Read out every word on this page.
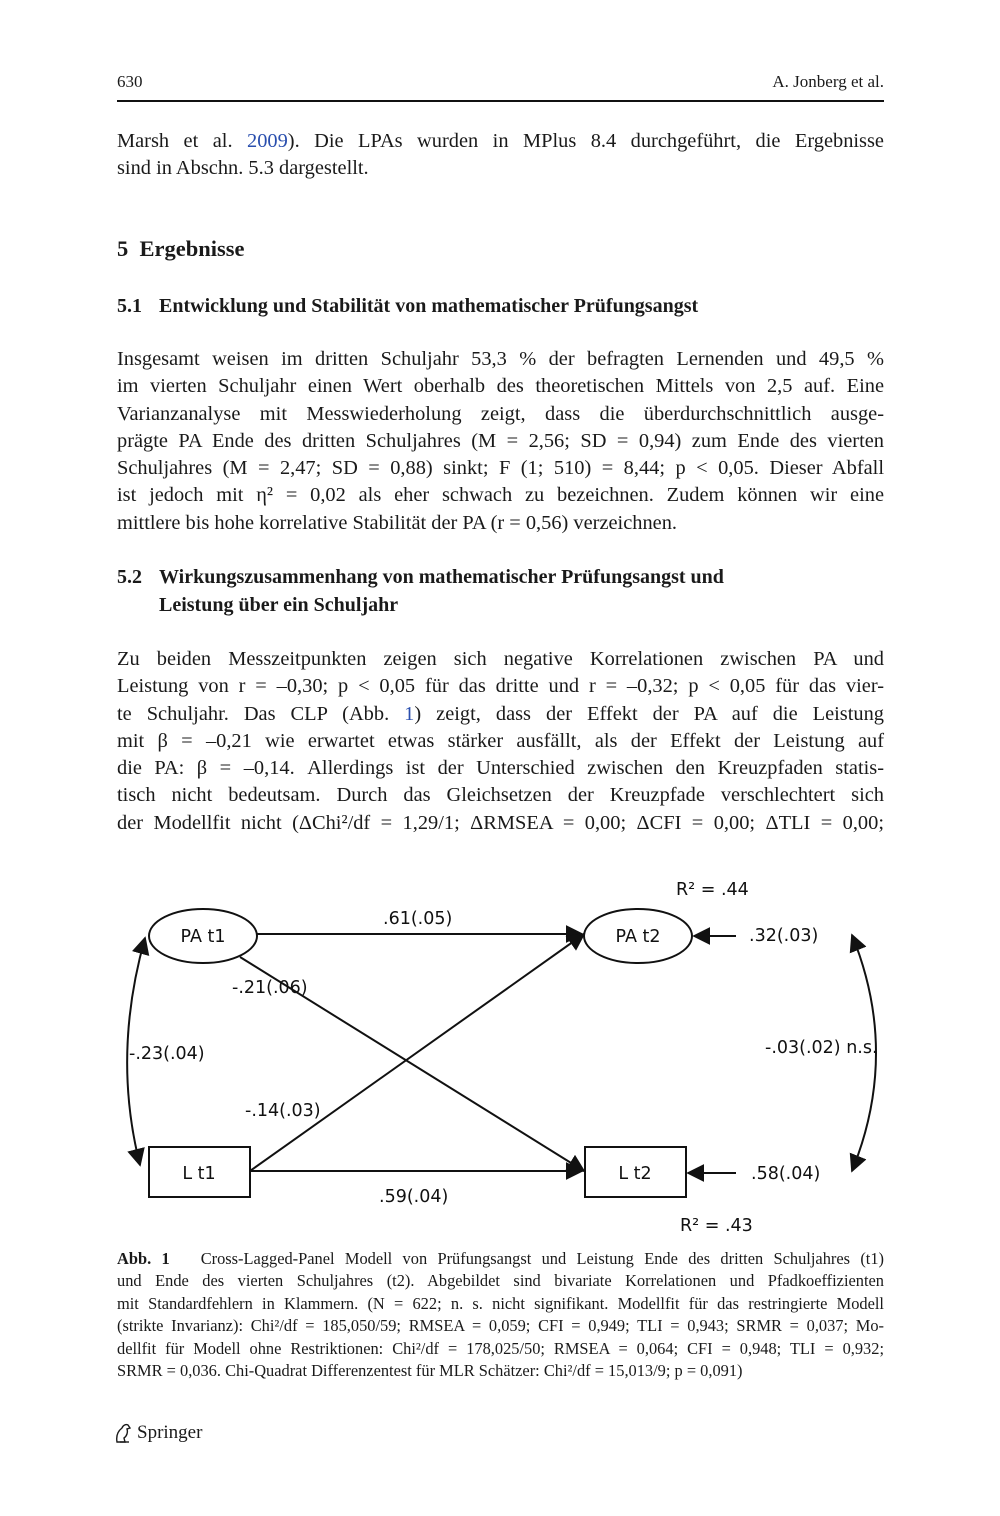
630	A. Jonberg et al.

Marsh et al. 2009). Die LPAs wurden in MPlus 8.4 durchgeführt, die Ergebnisse
sind in Abschn. 5.3 dargestellt.

5 Ergebnisse
5.1 Entwicklung und Stabilität von mathematischer Prüfungsangst

Insgesamt weisen im dritten Schuljahr 53,3 % der befragten Lernenden und 49,5 %
im vierten Schuljahr einen Wert oberhalb des theoretischen Mittels von 2,5 auf. Eine
Varianzanalyse mit Messwiederholung zeigt, dass die überdurchschnittlich ausge-
prägte PA Ende des dritten Schuljahres (M = 2,56; SD = 0,94) zum Ende des vierten
Schuljahres (M = 2,47; SD = 0,88) sinkt; F (1; 510) = 8,44; p < 0,05. Dieser Abfall
ist jedoch mit η² = 0,02 als eher schwach zu bezeichnen. Zudem können wir eine
mittlere bis hohe korrelative Stabilität der PA (r = 0,56) verzeichnen.

5.2 Wirkungszusammenhang von mathematischer Prüfungsangst und
Leistung über ein Schuljahr

Zu beiden Messzeitpunkten zeigen sich negative Korrelationen zwischen PA und
Leistung von r = –0,30; p < 0,05 für das dritte und r = –0,32; p < 0,05 für das vier-
te Schuljahr. Das CLP (Abb. 1) zeigt, dass der Effekt der PA auf die Leistung
mit β = –0,21 wie erwartet etwas stärker ausfällt, als der Effekt der Leistung auf
die PA: β = –0,14. Allerdings ist der Unterschied zwischen den Kreuzpfaden statis-
tisch nicht bedeutsam. Durch das Gleichsetzen der Kreuzpfade verschlechtert sich
der Modellfit nicht (ΔChi²/df = 1,29/1; ΔRMSEA = 0,00; ΔCFI = 0,00; ΔTLI = 0,00;

PA t1	PA t2
L t1	L t2
R² = .44
R² = .43
.61(.05)
.59(.04)
-.21(.06)
-.14(.03)
-.23(.04)	-.03(.02) n.s.
.32(.03)
.58(.04)

Abb. 1 Cross-Lagged-Panel Modell von Prüfungsangst und Leistung Ende des dritten Schuljahres (t1)
und Ende des vierten Schuljahres (t2). Abgebildet sind bivariate Korrelationen und Pfadkoeffizienten
mit Standardfehlern in Klammern. (N = 622; n. s. nicht signifikant. Modellfit für das restringierte Modell
(strikte Invarianz): Chi²/df = 185,050/59; RMSEA = 0,059; CFI = 0,949; TLI = 0,943; SRMR = 0,037; Mo-
dellfit für Modell ohne Restriktionen: Chi²/df = 178,025/50; RMSEA = 0,064; CFI = 0,948; TLI = 0,932;
SRMR = 0,036. Chi-Quadrat Differenzentest für MLR Schätzer: Chi²/df = 15,013/9; p = 0,091)

Springer
